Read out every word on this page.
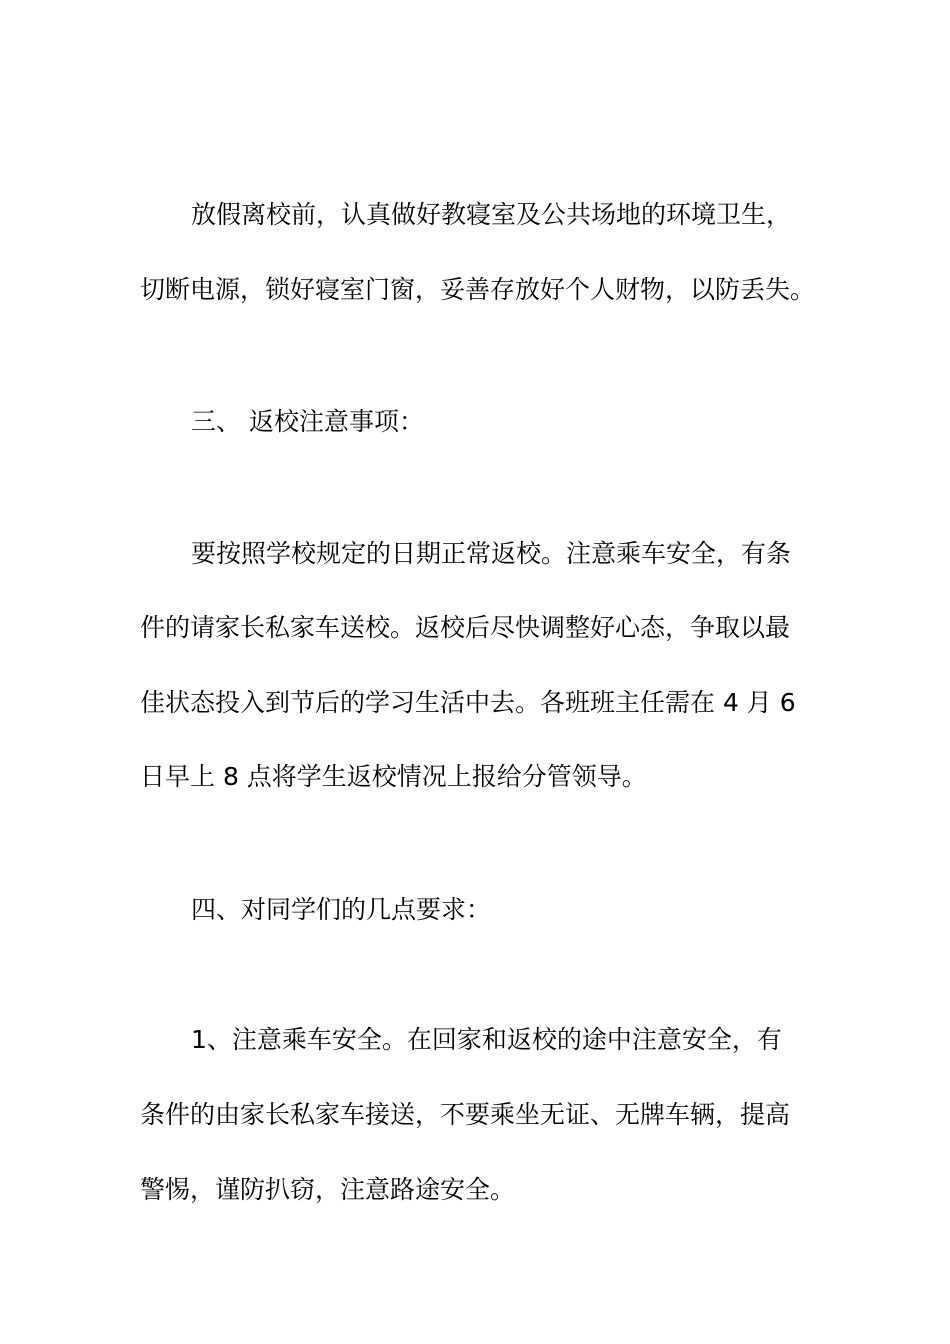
放假离校前，认真做好教寝室及公共场地的环境卫生，
切断电源，锁好寝室门窗，妥善存放好个人财物，以防丢失。
三、 返校注意事项：
要按照学校规定的日期正常返校。注意乘车安全，有条
件的请家长私家车送校。返校后尽快调整好心态，争取以最
佳状态投入到节后的学习生活中去。各班班主任需在 4 月 6
日早上 8 点将学生返校情况上报给分管领导。
四、对同学们的几点要求：
1、注意乘车安全。在回家和返校的途中注意安全，有
条件的由家长私家车接送，不要乘坐无证、无牌车辆，提高
警惕，谨防扒窃，注意路途安全。
